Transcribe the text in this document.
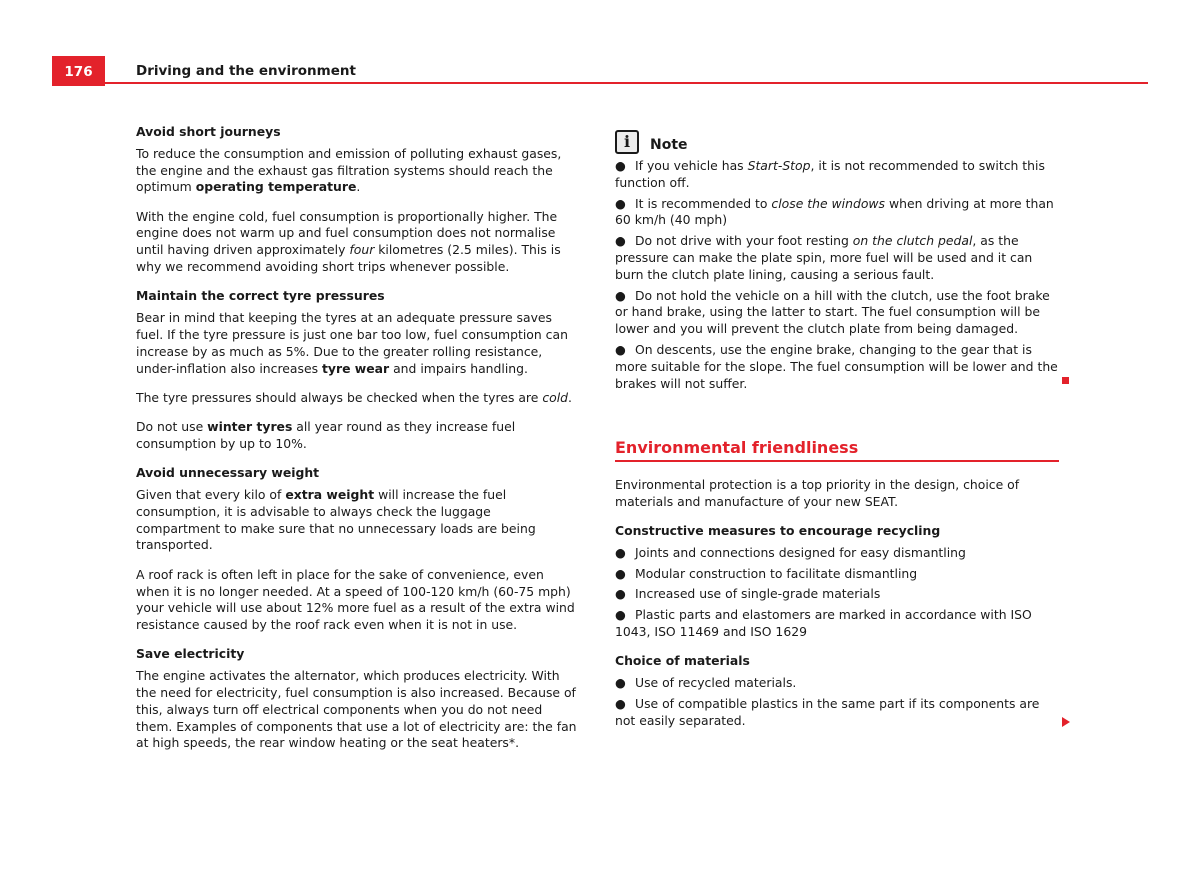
176	Driving and the environment
Avoid short journeys

To reduce the consumption and emission of polluting exhaust gases, the engine and the exhaust gas filtration systems should reach the optimum operating temperature.

With the engine cold, fuel consumption is proportionally higher. The engine does not warm up and fuel consumption does not normalise until having driven approximately four kilometres (2.5 miles). This is why we recommend avoiding short trips whenever possible.

Maintain the correct tyre pressures

Bear in mind that keeping the tyres at an adequate pressure saves fuel. If the tyre pressure is just one bar too low, fuel consumption can increase by as much as 5%. Due to the greater rolling resistance, under-inflation also increases tyre wear and impairs handling.

The tyre pressures should always be checked when the tyres are cold.

Do not use winter tyres all year round as they increase fuel consumption by up to 10%.

Avoid unnecessary weight

Given that every kilo of extra weight will increase the fuel consumption, it is advisable to always check the luggage compartment to make sure that no unnecessary loads are being transported.

A roof rack is often left in place for the sake of convenience, even when it is no longer needed. At a speed of 100-120 km/h (60-75 mph) your vehicle will use about 12% more fuel as a result of the extra wind resistance caused by the roof rack even when it is not in use.

Save electricity

The engine activates the alternator, which produces electricity. With the need for electricity, fuel consumption is also increased. Because of this, always turn off electrical components when you do not need them. Examples of components that use a lot of electricity are: the fan at high speeds, the rear window heating or the seat heaters*.

i	Note

● If you vehicle has Start-Stop, it is not recommended to switch this function off.

● It is recommended to close the windows when driving at more than 60 km/h (40 mph)

● Do not drive with your foot resting on the clutch pedal, as the pressure can make the plate spin, more fuel will be used and it can burn the clutch plate lining, causing a serious fault.

● Do not hold the vehicle on a hill with the clutch, use the foot brake or hand brake, using the latter to start. The fuel consumption will be lower and you will prevent the clutch plate from being damaged.

● On descents, use the engine brake, changing to the gear that is more suitable for the slope. The fuel consumption will be lower and the brakes will not suffer.

Environmental friendliness

Environmental protection is a top priority in the design, choice of materials and manufacture of your new SEAT.

Constructive measures to encourage recycling

● Joints and connections designed for easy dismantling

● Modular construction to facilitate dismantling

● Increased use of single-grade materials

● Plastic parts and elastomers are marked in accordance with ISO 1043, ISO 11469 and ISO 1629

Choice of materials

● Use of recycled materials.

● Use of compatible plastics in the same part if its components are not easily separated.
